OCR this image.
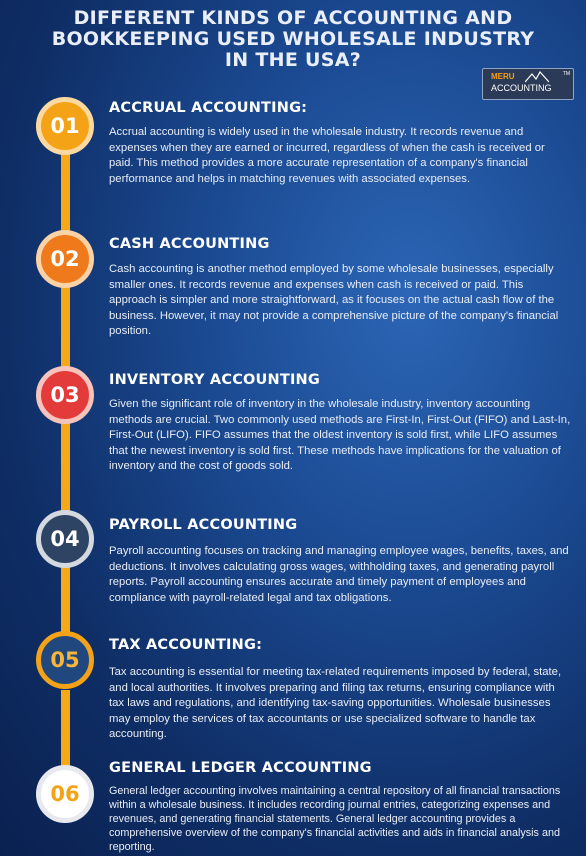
DIFFERENT KINDS OF ACCOUNTING AND
BOOKKEEPING USED WHOLESALE INDUSTRY
IN THE USA?
MERU	TM
ACCOUNTING
01
ACCRUAL ACCOUNTING:
Accrual accounting is widely used in the wholesale industry. It records revenue and expenses when they are earned or incurred, regardless of when the cash is received or paid. This method provides a more accurate representation of a company's financial performance and helps in matching revenues with associated expenses.
02
CASH ACCOUNTING
Cash accounting is another method employed by some wholesale businesses, especially smaller ones. It records revenue and expenses when cash is received or paid. This approach is simpler and more straightforward, as it focuses on the actual cash flow of the business. However, it may not provide a comprehensive picture of the company's financial position.
03
INVENTORY ACCOUNTING
Given the significant role of inventory in the wholesale industry, inventory accounting methods are crucial. Two commonly used methods are First-In, First-Out (FIFO) and Last-In, First-Out (LIFO). FIFO assumes that the oldest inventory is sold first, while LIFO assumes that the newest inventory is sold first. These methods have implications for the valuation of inventory and the cost of goods sold.
04
PAYROLL ACCOUNTING
Payroll accounting focuses on tracking and managing employee wages, benefits, taxes, and deductions. It involves calculating gross wages, withholding taxes, and generating payroll reports. Payroll accounting ensures accurate and timely payment of employees and compliance with payroll-related legal and tax obligations.
05
TAX ACCOUNTING:
Tax accounting is essential for meeting tax-related requirements imposed by federal, state, and local authorities. It involves preparing and filing tax returns, ensuring compliance with tax laws and regulations, and identifying tax-saving opportunities. Wholesale businesses may employ the services of tax accountants or use specialized software to handle tax accounting.
06
GENERAL LEDGER ACCOUNTING
General ledger accounting involves maintaining a central repository of all financial transactions within a wholesale business. It includes recording journal entries, categorizing expenses and revenues, and generating financial statements. General ledger accounting provides a comprehensive overview of the company's financial activities and aids in financial analysis and reporting.
